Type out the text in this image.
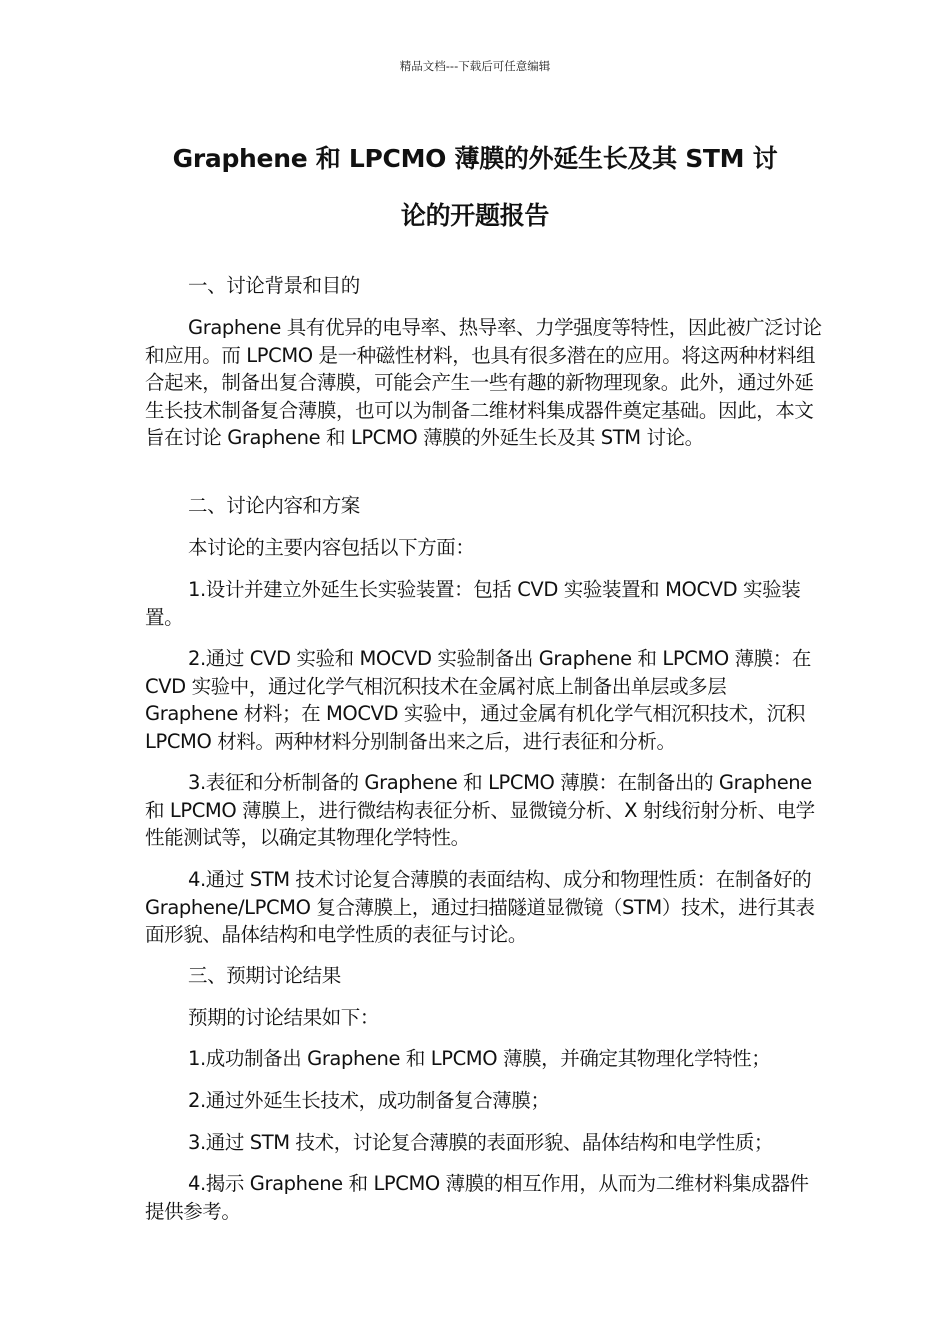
精品文档---下载后可任意编辑
Graphene 和 LPCMO 薄膜的外延生长及其 STM 讨
论的开题报告

一、讨论背景和目的

Graphene 具有优异的电导率、热导率、力学强度等特性，因此被广泛讨论和应用。而 LPCMO 是一种磁性材料，也具有很多潜在的应用。将这两种材料组合起来，制备出复合薄膜，可能会产生一些有趣的新物理现象。此外，通过外延生长技术制备复合薄膜，也可以为制备二维材料集成器件奠定基础。因此，本文旨在讨论 Graphene 和 LPCMO 薄膜的外延生长及其 STM 讨论。

二、讨论内容和方案

本讨论的主要内容包括以下方面：

1.设计并建立外延生长实验装置：包括 CVD 实验装置和 MOCVD 实验装置。

2.通过 CVD 实验和 MOCVD 实验制备出 Graphene 和 LPCMO 薄膜：在 CVD 实验中，通过化学气相沉积技术在金属衬底上制备出单层或多层 Graphene 材料；在 MOCVD 实验中，通过金属有机化学气相沉积技术，沉积 LPCMO 材料。两种材料分别制备出来之后，进行表征和分析。

3.表征和分析制备的 Graphene 和 LPCMO 薄膜：在制备出的 Graphene 和 LPCMO 薄膜上，进行微结构表征分析、显微镜分析、X 射线衍射分析、电学性能测试等，以确定其物理化学特性。

4.通过 STM 技术讨论复合薄膜的表面结构、成分和物理性质：在制备好的 Graphene/LPCMO 复合薄膜上，通过扫描隧道显微镜（STM）技术，进行其表面形貌、晶体结构和电学性质的表征与讨论。

三、预期讨论结果

预期的讨论结果如下：

1.成功制备出 Graphene 和 LPCMO 薄膜，并确定其物理化学特性；

2.通过外延生长技术，成功制备复合薄膜；

3.通过 STM 技术，讨论复合薄膜的表面形貌、晶体结构和电学性质；

4.揭示 Graphene 和 LPCMO 薄膜的相互作用，从而为二维材料集成器件提供参考。
